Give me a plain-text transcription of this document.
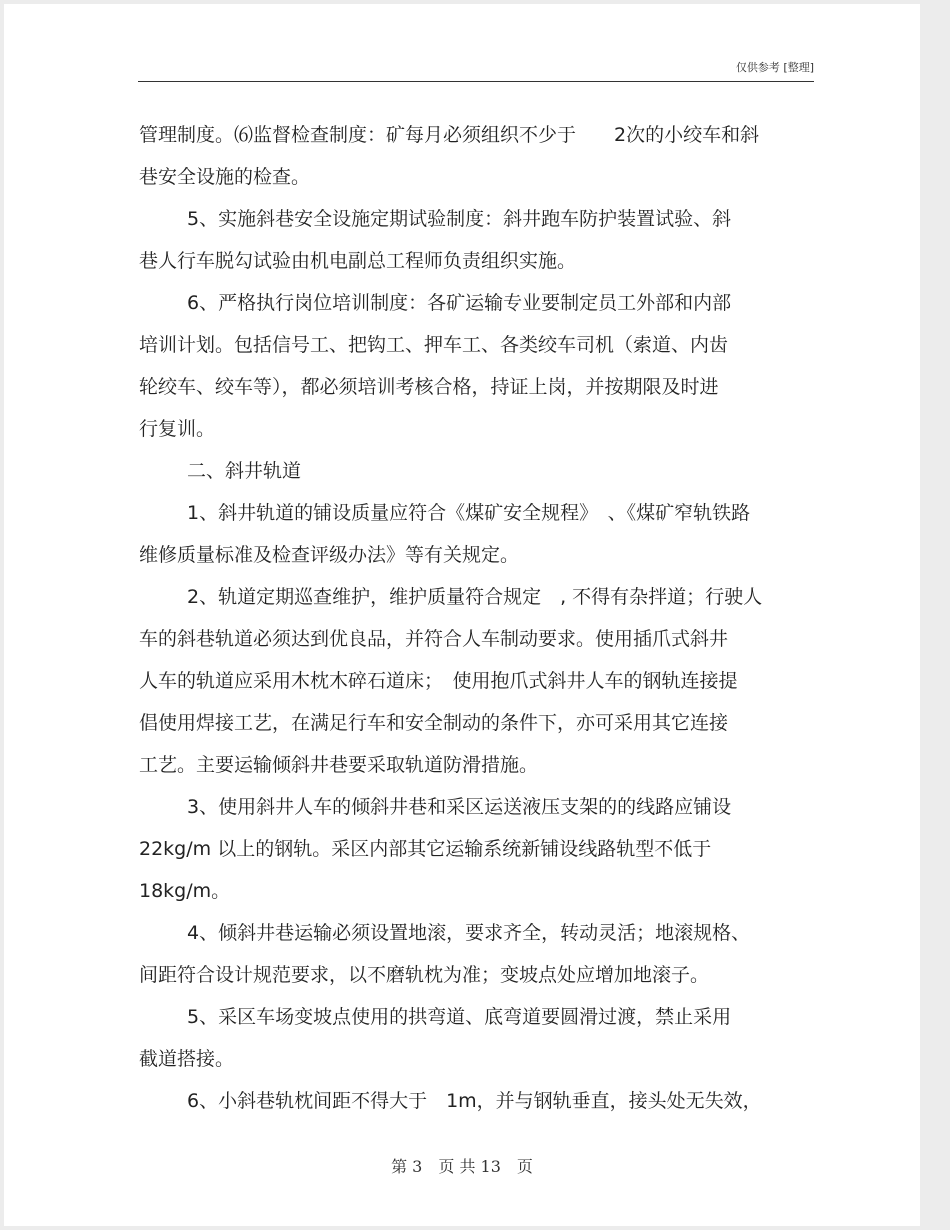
仅供参考 [整理]
管理制度。⑹监督检查制度：矿每月必须组织不少于　　2次的小绞车和斜
巷安全设施的检查。
5、实施斜巷安全设施定期试验制度：斜井跑车防护装置试验、斜
巷人行车脱勾试验由机电副总工程师负责组织实施。
6、严格执行岗位培训制度：各矿运输专业要制定员工外部和内部
培训计划。包括信号工、把钩工、押车工、各类绞车司机（索道、内齿
轮绞车、绞车等），都必须培训考核合格，持证上岗，并按期限及时进
行复训。
二、斜井轨道
1、斜井轨道的铺设质量应符合《煤矿安全规程》　、《煤矿窄轨铁路
维修质量标准及检查评级办法》等有关规定。
2、轨道定期巡查维护，维护质量符合规定　, 不得有杂拌道；行驶人
车的斜巷轨道必须达到优良品，并符合人车制动要求。使用插爪式斜井
人车的轨道应采用木枕木碎石道床；　使用抱爪式斜井人车的钢轨连接提
倡使用焊接工艺，在满足行车和安全制动的条件下，亦可采用其它连接
工艺。主要运输倾斜井巷要采取轨道防滑措施。
3、使用斜井人车的倾斜井巷和采区运送液压支架的的线路应铺设
22kg/m 以上的钢轨。采区内部其它运输系统新铺设线路轨型不低于
18kg/m。
4、倾斜井巷运输必须设置地滚，要求齐全，转动灵活；地滚规格、
间距符合设计规范要求，以不磨轨枕为准；变坡点处应增加地滚子。
5、采区车场变坡点使用的拱弯道、底弯道要圆滑过渡，禁止采用
截道搭接。
6、小斜巷轨枕间距不得大于　1m，并与钢轨垂直，接头处无失效，
第 3　页 共 13　页
